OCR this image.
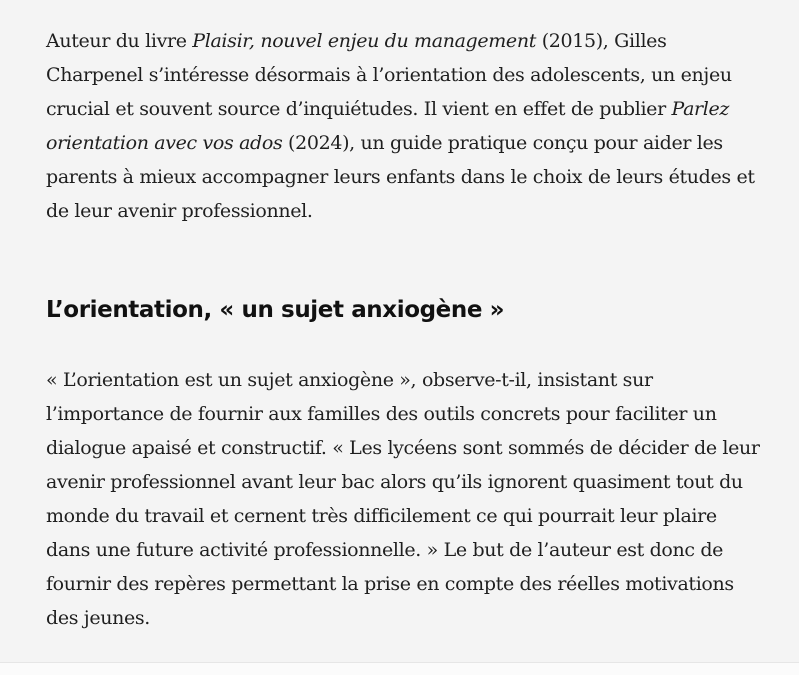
Auteur du livre Plaisir, nouvel enjeu du management (2015), Gilles Charpenel s’intéresse désormais à l’orientation des adolescents, un enjeu crucial et souvent source d’inquiétudes. Il vient en effet de publier Parlez orientation avec vos ados (2024), un guide pratique conçu pour aider les parents à mieux accompagner leurs enfants dans le choix de leurs études et de leur avenir professionnel.

L’orientation, « un sujet anxiogène »

« L’orientation est un sujet anxiogène », observe-t-il, insistant sur l’importance de fournir aux familles des outils concrets pour faciliter un dialogue apaisé et constructif. « Les lycéens sont sommés de décider de leur avenir professionnel avant leur bac alors qu’ils ignorent quasiment tout du monde du travail et cernent très difficilement ce qui pourrait leur plaire dans une future activité professionnelle. » Le but de l’auteur est donc de fournir des repères permettant la prise en compte des réelles motivations des jeunes.
